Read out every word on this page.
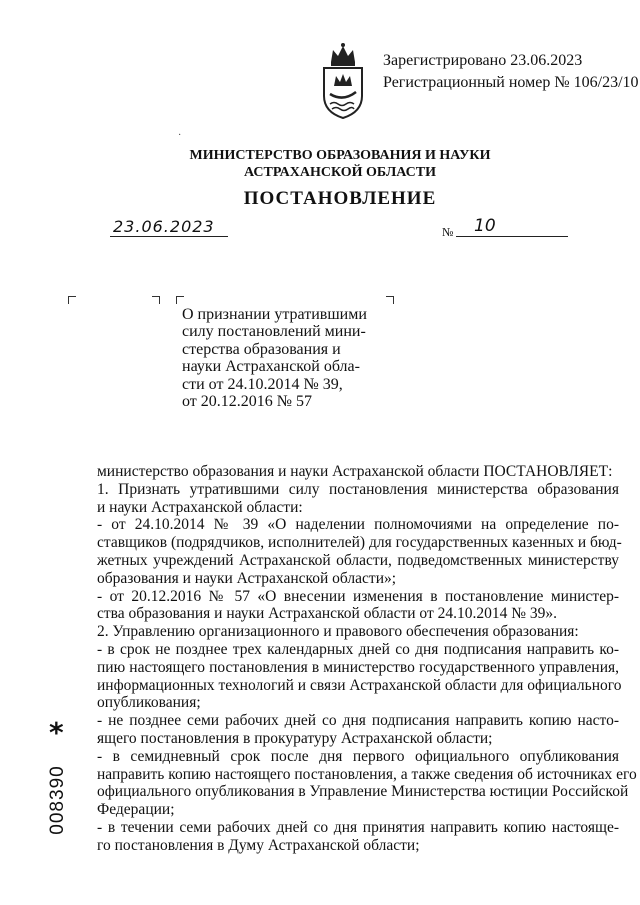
Зарегистрировано 23.06.2023
Регистрационный номер № 106/23/10
·
МИНИСТЕРСТВО ОБРАЗОВАНИЯ И НАУКИ
АСТРАХАНСКОЙ ОБЛАСТИ
ПОСТАНОВЛЕНИЕ
23.06.2023	№ 10
О признании утратившими
силу постановлений мини-
стерства образования и
науки Астраханской обла-
сти от 24.10.2014 № 39,
от 20.12.2016 № 57
министерство образования и науки Астраханской области ПОСТАНОВЛЯЕТ:
1. Признать утратившими силу постановления министерства образования
и науки Астраханской области:
- от 24.10.2014 № 39 «О наделении полномочиями на определение по-
ставщиков (подрядчиков, исполнителей) для государственных казенных и бюд-
жетных учреждений Астраханской области, подведомственных министерству
образования и науки Астраханской области»;
- от 20.12.2016 № 57 «О внесении изменения в постановление министер-
ства образования и науки Астраханской области от 24.10.2014 № 39».
2. Управлению организационного и правового обеспечения образования:
- в срок не позднее трех календарных дней со дня подписания направить ко-
пию настоящего постановления в министерство государственного управления,
информационных технологий и связи Астраханской области для официального
опубликования;
- не позднее семи рабочих дней со дня подписания направить копию насто-
ящего постановления в прокуратуру Астраханской области;
- в семидневный срок после дня первого официального опубликования
направить копию настоящего постановления, а также сведения об источниках его
официального опубликования в Управление Министерства юстиции Российской
Федерации;
- в течении семи рабочих дней со дня принятия направить копию настояще-
го постановления в Думу Астраханской области;
*
008390
